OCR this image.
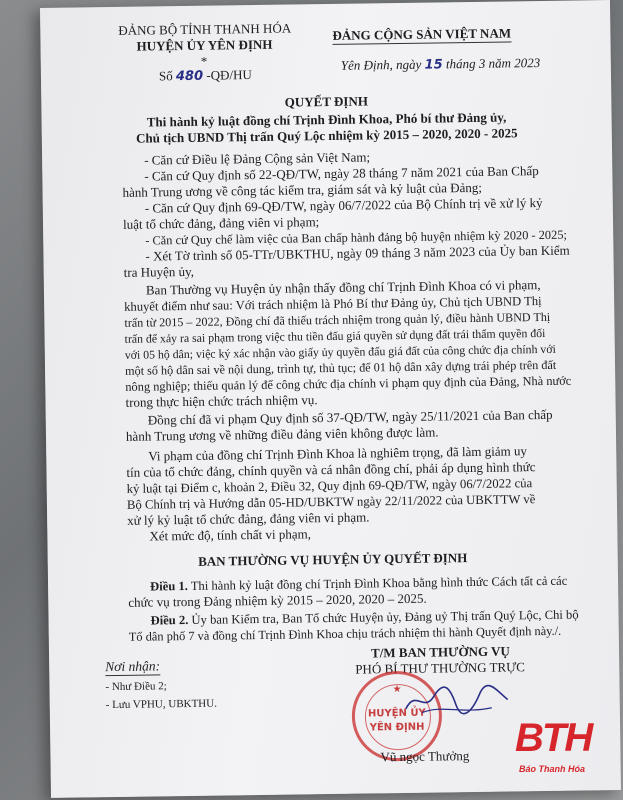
ĐẢNG BỘ TỈNH THANH HÓA
HUYỆN ỦY YÊN ĐỊNH
*
Số 480 -QĐ/HU
ĐẢNG CỘNG SẢN VIỆT NAM
Yên Định, ngày 15 tháng 3 năm 2023
QUYẾT ĐỊNH
Thi hành kỷ luật đồng chí Trịnh Đình Khoa, Phó bí thư Đảng ủy,
Chủ tịch UBND Thị trấn Quý Lộc nhiệm kỳ 2015 – 2020, 2020 - 2025
- Căn cứ Điều lệ Đảng Cộng sản Việt Nam;
- Căn cứ Quy định số 22-QĐ/TW, ngày 28 tháng 7 năm 2021 của Ban Chấp
hành Trung ương về công tác kiểm tra, giám sát và kỷ luật của Đảng;
- Căn cứ Quy định 69-QĐ/TW, ngày 06/7/2022 của Bộ Chính trị về xử lý kỷ
luật tổ chức đảng, đảng viên vi phạm;
- Căn cứ Quy chế làm việc của Ban chấp hành đảng bộ huyện nhiệm kỳ 2020 - 2025;
- Xét Tờ trình số 05-TTr/UBKTHU, ngày 09 tháng 3 năm 2023 của Ủy ban Kiểm
tra Huyện ủy,
Ban Thường vụ Huyện ủy nhận thấy đồng chí Trịnh Đình Khoa có vi phạm,
khuyết điểm như sau: Với trách nhiệm là Phó Bí thư Đảng ủy, Chủ tịch UBND Thị
trấn từ 2015 – 2022, Đồng chí đã thiếu trách nhiệm trong quản lý, điều hành UBND Thị
trấn để xảy ra sai phạm trong việc thu tiền đấu giá quyền sử dụng đất trái thẩm quyền đối
với 05 hộ dân; việc ký xác nhận vào giấy ủy quyền đấu giá đất của công chức địa chính với
một số hộ dân sai về nội dung, trình tự, thủ tục; để 01 hộ dân xây dựng trái phép trên đất
nông nghiệp; thiếu quản lý để công chức địa chính vi phạm quy định của Đảng, Nhà nước
trong thực hiện chức trách nhiệm vụ.
Đồng chí đã vi phạm Quy định số 37-QĐ/TW, ngày 25/11/2021 của Ban chấp
hành Trung ương về những điều đảng viên không được làm.
Vi phạm của đồng chí Trịnh Đình Khoa là nghiêm trọng, đã làm giảm uy
tín của tổ chức đảng, chính quyền và cá nhân đồng chí, phải áp dụng hình thức
kỷ luật tại Điểm c, khoản 2, Điều 32, Quy định 69-QĐ/TW, ngày 06/7/2022 của
Bộ Chính trị và Hướng dẫn 05-HD/UBKTW ngày 22/11/2022 của UBKTTW về
xử lý kỷ luật tổ chức đảng, đảng viên vi phạm.
Xét mức độ, tính chất vi phạm,
BAN THƯỜNG VỤ HUYỆN ỦY QUYẾT ĐỊNH
Điều 1. Thi hành kỷ luật đồng chí Trịnh Đình Khoa bằng hình thức Cách tất cả các
chức vụ trong Đảng nhiệm kỳ 2015 – 2020, 2020 – 2025.
Điều 2. Ủy ban Kiểm tra, Ban Tổ chức Huyện ủy, Đảng uỷ Thị trấn Quý Lộc, Chi bộ
Tổ dân phố 7 và đồng chí Trịnh Đình Khoa chịu trách nhiệm thi hành Quyết định này./.
Nơi nhận:
- Như Điều 2;
- Lưu VPHU, UBKTHU.
T/M BAN THƯỜNG VỤ
PHÓ BÍ THƯ THƯỜNG TRỰC
★
HUYỆN ỦY
YÊN ĐỊNH
Vũ ngọc Thưởng BTH
Báo Thanh Hóa
